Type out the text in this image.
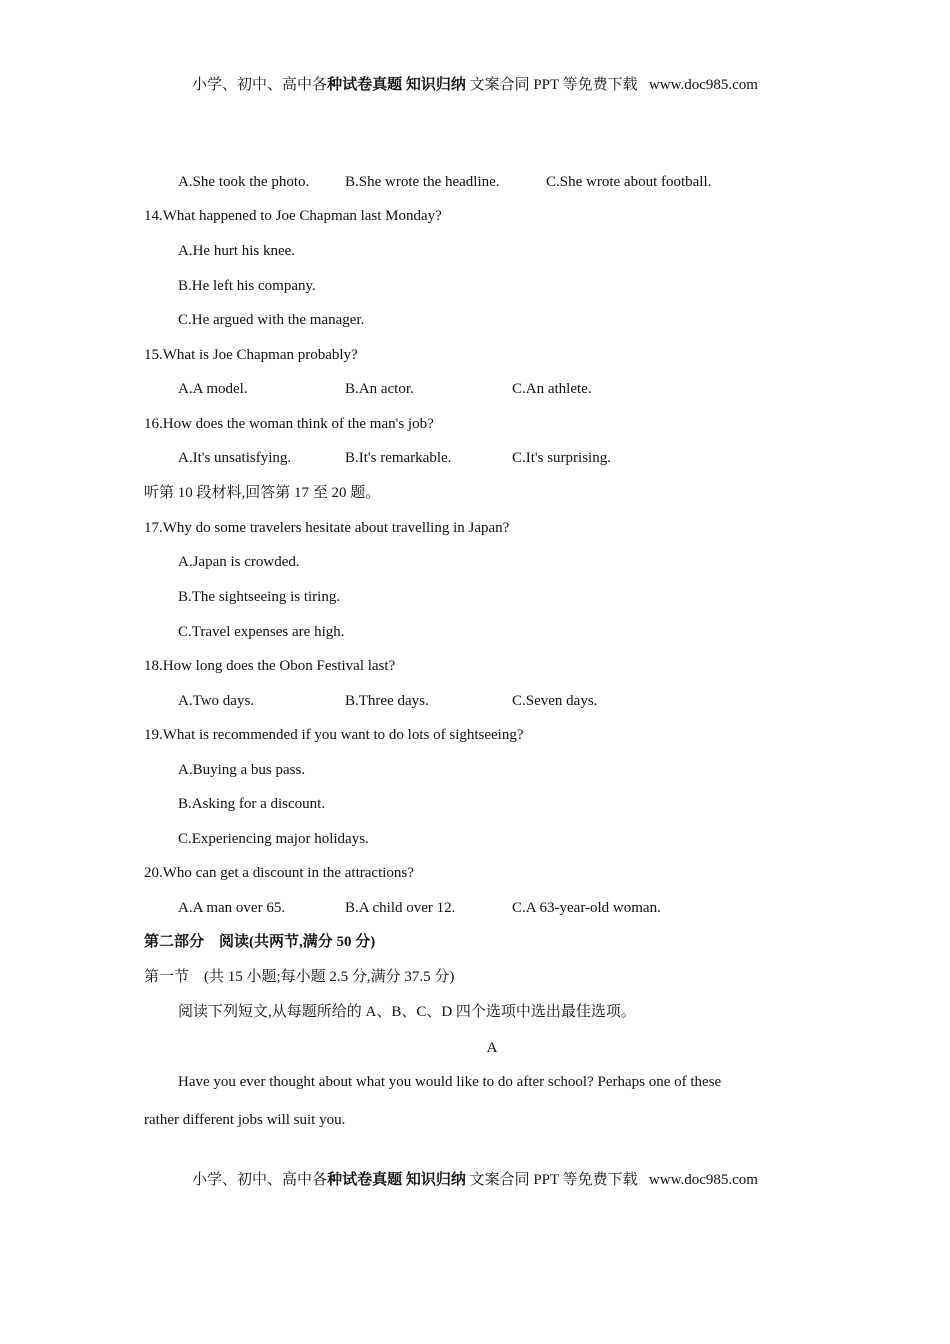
小学、初中、高中各种试卷真题 知识归纳 文案合同 PPT 等免费下载 www.doc985.com
A.She took the photo. B.She wrote the headline.	C.She wrote about football.
14.What happened to Joe Chapman last Monday?
A.He hurt his knee.
B.He left his company.
C.He argued with the manager.
15.What is Joe Chapman probably?
A.A model.	B.An actor.	C.An athlete.
16.How does the woman think of the man's job?
A.It's unsatisfying.	B.It's remarkable.	C.It's surprising.
听第 10 段材料,回答第 17 至 20 题。
17.Why do some travelers hesitate about travelling in Japan?
A.Japan is crowded.
B.The sightseeing is tiring.
C.Travel expenses are high.
18.How long does the Obon Festival last?
A.Two days.	B.Three days.	C.Seven days.
19.What is recommended if you want to do lots of sightseeing?
A.Buying a bus pass.
B.Asking for a discount.
C.Experiencing major holidays.
20.Who can get a discount in the attractions?
A.A man over 65.	B.A child over 12.	C.A 63-year-old woman.
第二部分　阅读(共两节,满分 50 分)
第一节　(共 15 小题;每小题 2.5 分,满分 37.5 分)
阅读下列短文,从每题所给的 A、B、C、D 四个选项中选出最佳选项。
A
Have you ever thought about what you would like to do after school? Perhaps one of these
rather different jobs will suit you.
小学、初中、高中各种试卷真题 知识归纳 文案合同 PPT 等免费下载 www.doc985.com
